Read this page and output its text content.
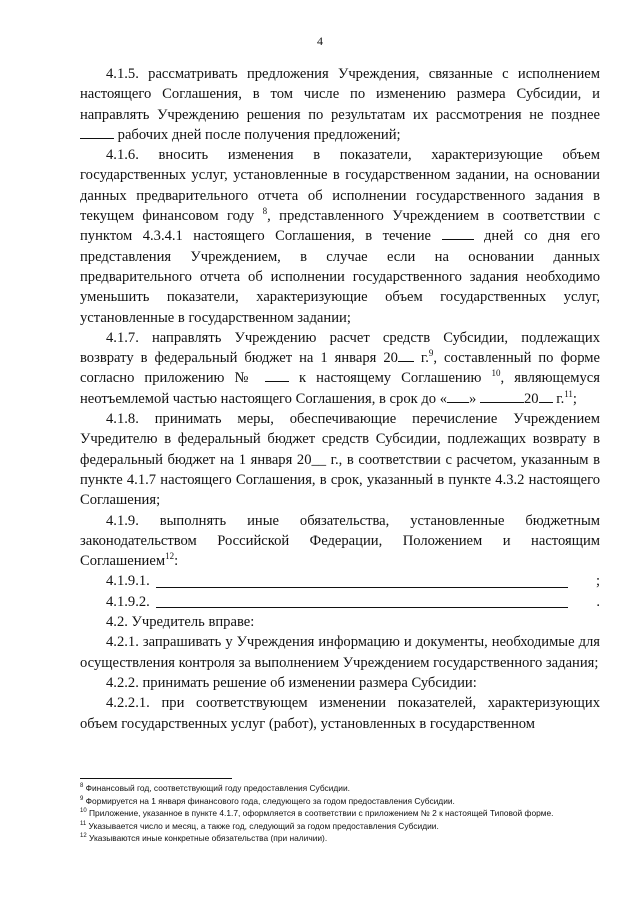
4

4.1.5. рассматривать предложения Учреждения, связанные с исполнением настоящего Соглашения, в том числе по изменению размера Субсидии, и направлять Учреждению решения по результатам их рассмотрения не позднее  рабочих дней после получения предложений;

4.1.6. вносить изменения в показатели, характеризующие объем государственных услуг, установленные в государственном задании, на основании данных предварительного отчета об исполнении государственного задания в текущем финансовом году $^8$, представленного Учреждением в соответствии с пунктом 4.3.4.1 настоящего Соглашения, в течение	дней со дня его представления Учреждением, в случае если на основании данных предварительного отчета об исполнении государственного задания необходимо уменьшить показатели, характеризующие объем государственных услуг, установленные в государственном задании;

4.1.7. направлять Учреждению расчет средств Субсидии, подлежащих возврату в федеральный бюджет на 1 января 20 г.$^9$, составленный по форме согласно приложению №  к настоящему Соглашению $^{10}$, являющемуся неотъемлемой частью настоящего Соглашения, в срок до « »	20 г.$^{11}$;

4.1.8. принимать меры, обеспечивающие перечисление Учреждением Учредителю в федеральный бюджет средств Субсидии, подлежащих возврату в федеральный бюджет на 1 января 20__ г., в соответствии с расчетом, указанным в пункте 4.1.7 настоящего Соглашения, в срок, указанный в пункте 4.3.2 настоящего Соглашения;

4.1.9. выполнять иные обязательства, установленные бюджетным законодательством Российской Федерации, Положением и настоящим Соглашением$^{12}$:

4.1.9.1.	;

4.1.9.2.	.

4.2. Учредитель вправе:

4.2.1. запрашивать у Учреждения информацию и документы, необходимые для осуществления контроля за выполнением Учреждением государственного задания;

4.2.2. принимать решение об изменении размера Субсидии:

4.2.2.1. при соответствующем изменении показателей, характеризующих объем государственных услуг (работ), установленных в государственном

$^8$ Финансовый год, соответствующий году предоставления Субсидии.
$^9$ Формируется на 1 января финансового года, следующего за годом предоставления Субсидии.
$^{10}$ Приложение, указанное в пункте 4.1.7, оформляется в соответствии с приложением № 2 к настоящей Типовой форме.
$^{11}$ Указывается число и месяц, а также год, следующий за годом предоставления Субсидии.
$^{12}$ Указываются иные конкретные обязательства (при наличии).
